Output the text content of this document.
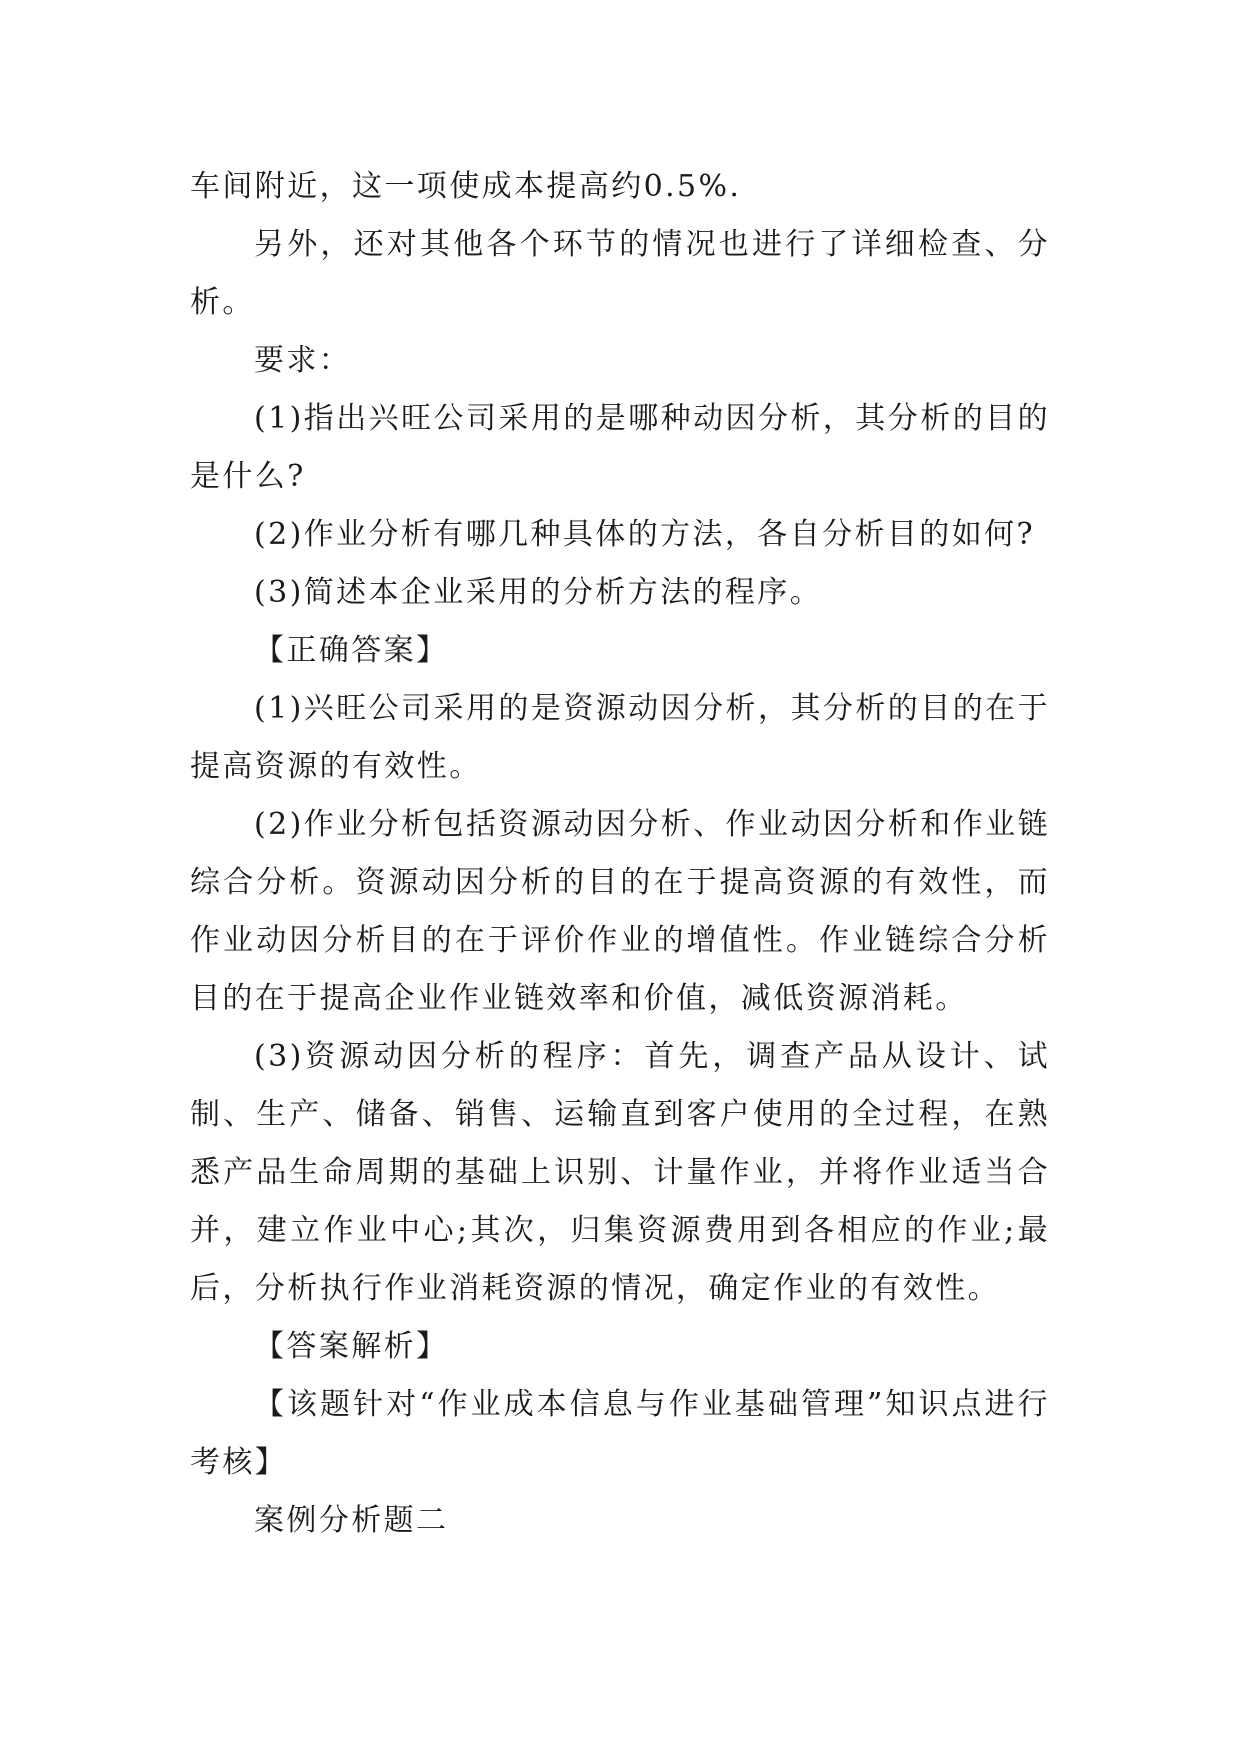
车间附近，这一项使成本提高约0.5%.

另外，还对其他各个环节的情况也进行了详细检查、分析。

要求：

(1)指出兴旺公司采用的是哪种动因分析，其分析的目的是什么?

(2)作业分析有哪几种具体的方法，各自分析目的如何?

(3)简述本企业采用的分析方法的程序。

【正确答案】

(1)兴旺公司采用的是资源动因分析，其分析的目的在于提高资源的有效性。

(2)作业分析包括资源动因分析、作业动因分析和作业链综合分析。资源动因分析的目的在于提高资源的有效性，而作业动因分析目的在于评价作业的增值性。作业链综合分析目的在于提高企业作业链效率和价值，减低资源消耗。

(3)资源动因分析的程序：首先，调查产品从设计、试制、生产、储备、销售、运输直到客户使用的全过程，在熟悉产品生命周期的基础上识别、计量作业，并将作业适当合并，建立作业中心;其次，归集资源费用到各相应的作业;最后，分析执行作业消耗资源的情况，确定作业的有效性。

【答案解析】

【该题针对“作业成本信息与作业基础管理”知识点进行考核】

案例分析题二
